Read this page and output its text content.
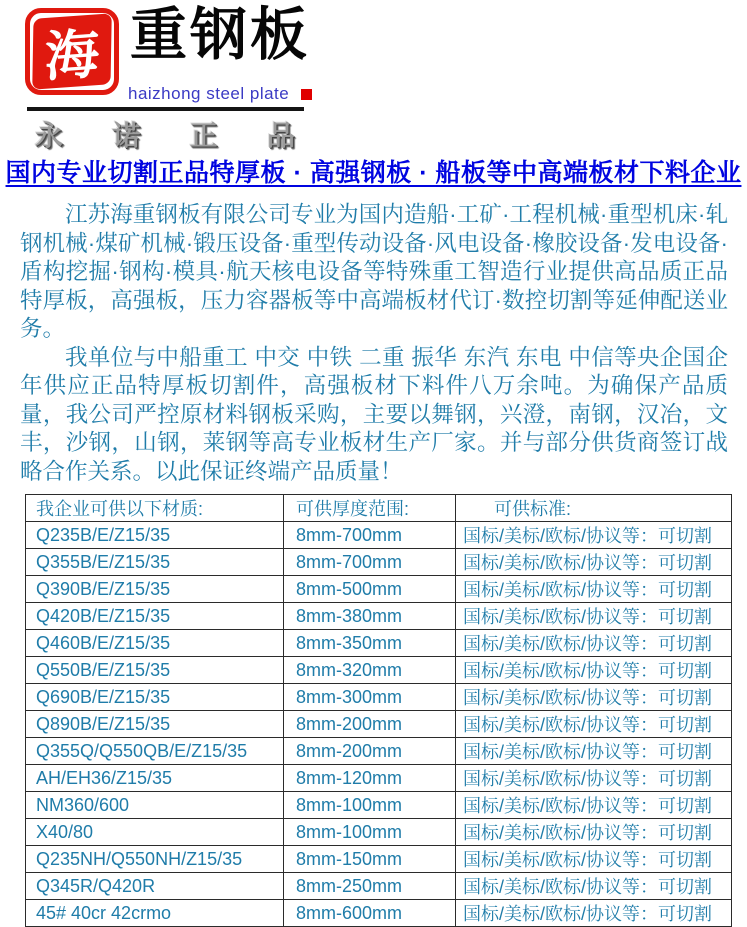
海 重钢板
haizhong steel plate
永 诺 正 品
国内专业切割正品特厚板 · 高强钢板 · 船板等中高端板材下料企业

江苏海重钢板有限公司专业为国内造船·工矿·工程机械·重型机床·轧钢机械·煤矿机械·锻压设备·重型传动设备·风电设备·橡胶设备·发电设备·盾构挖掘·钢构·模具·航天核电设备等特殊重工智造行业提供高品质正品特厚板，高强板，压力容器板等中高端板材代订·数控切割等延伸配送业务。

我单位与中船重工 中交 中铁 二重 振华 东汽 东电 中信等央企国企年供应正品特厚板切割件，高强板材下料件八万余吨。为确保产品质量，我公司严控原材料钢板采购，主要以舞钢，兴澄，南钢，汉冶，文丰，沙钢，山钢，莱钢等高专业板材生产厂家。并与部分供货商签订战略合作关系。以此保证终端产品质量！

我企业可供以下材质:	可供厚度范围:	可供标准:
Q235B/E/Z15/35	8mm-700mm	国标/美标/欧标/协议等：可切割
Q355B/E/Z15/35	8mm-700mm	国标/美标/欧标/协议等：可切割
Q390B/E/Z15/35	8mm-500mm	国标/美标/欧标/协议等：可切割
Q420B/E/Z15/35	8mm-380mm	国标/美标/欧标/协议等：可切割
Q460B/E/Z15/35	8mm-350mm	国标/美标/欧标/协议等：可切割
Q550B/E/Z15/35	8mm-320mm	国标/美标/欧标/协议等：可切割
Q690B/E/Z15/35	8mm-300mm	国标/美标/欧标/协议等：可切割
Q890B/E/Z15/35	8mm-200mm	国标/美标/欧标/协议等：可切割
Q355Q/Q550QB/E/Z15/35	8mm-200mm	国标/美标/欧标/协议等：可切割
AH/EH36/Z15/35	8mm-120mm	国标/美标/欧标/协议等：可切割
NM360/600	8mm-100mm	国标/美标/欧标/协议等：可切割
X40/80	8mm-100mm	国标/美标/欧标/协议等：可切割
Q235NH/Q550NH/Z15/35	8mm-150mm	国标/美标/欧标/协议等：可切割
Q345R/Q420R	8mm-250mm	国标/美标/欧标/协议等：可切割
45# 40cr 42crmo	8mm-600mm	国标/美标/欧标/协议等：可切割
